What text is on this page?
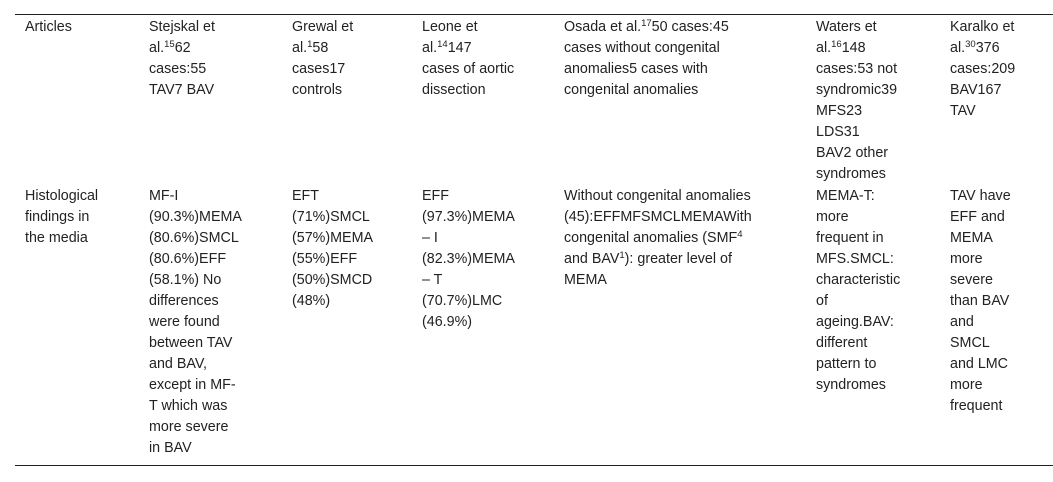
Articles	Stejskal et
al.$^{15}$62
cases:55
TAV7 BAV
Grewal et
al.$^1$58
cases17
controls
Leone et
al.$^{14}$147
cases of aortic
dissection
Osada et al.$^{17}$50 cases:45
cases without congenital
anomalies5 cases with
congenital anomalies
Waters et
al.$^{16}$148
cases:53 not
syndromic39
MFS23
LDS31
BAV2 other
syndromes
Karalko et
al.$^{30}$376
cases:209
BAV167
TAV
Histological
findings in
the media
MF-I
(90.3%)MEMA
(80.6%)SMCL
(80.6%)EFF
(58.1%) No
differences
were found
between TAV
and BAV,
except in MF-
T which was
more severe
in BAV
EFT
(71%)SMCL
(57%)MEMA
(55%)EFF
(50%)SMCD
(48%)
EFF
(97.3%)MEMA
– I
(82.3%)MEMA
– T
(70.7%)LMC
(46.9%)
Without congenital anomalies
(45):EFFMFSMCLMEMAWith
congenital anomalies (SMF$^4$
and BAV$^1$): greater level of
MEMA
MEMA-T:
more
frequent in
MFS.SMCL:
characteristic
of
ageing.BAV:
different
pattern to
syndromes
TAV have
EFF and
MEMA
more
severe
than BAV
and
SMCL
and LMC
more
frequent
